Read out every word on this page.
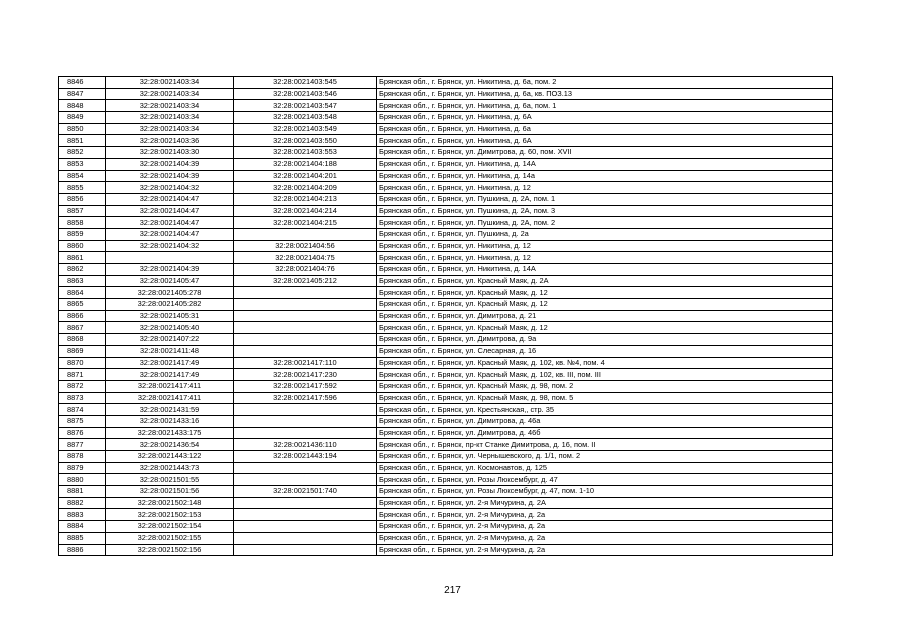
8846	32:28:0021403:34	32:28:0021403:545	Брянская обл., г. Брянск, ул. Никитина, д. 6а, пом. 2
8847	32:28:0021403:34	32:28:0021403:546	Брянская обл., г. Брянск, ул. Никитина, д. 6а, кв. ПОЗ.13
8848	32:28:0021403:34	32:28:0021403:547	Брянская обл., г. Брянск, ул. Никитина, д. 6а, пом. 1
8849	32:28:0021403:34	32:28:0021403:548	Брянская обл., г. Брянск, ул. Никитина, д. 6А
8850	32:28:0021403:34	32:28:0021403:549	Брянская обл., г. Брянск, ул. Никитина, д. 6а
8851	32:28:0021403:36	32:28:0021403:550	Брянская обл., г. Брянск, ул. Никитина, д. 6А
8852	32:28:0021403:30	32:28:0021403:553	Брянская обл., г. Брянск, ул. Димитрова, д. 60, пом. XVII
8853	32:28:0021404:39	32:28:0021404:188	Брянская обл., г. Брянск, ул. Никитина, д. 14А
8854	32:28:0021404:39	32:28:0021404:201	Брянская обл., г. Брянск, ул. Никитина, д. 14а
8855	32:28:0021404:32	32:28:0021404:209	Брянская обл., г. Брянск, ул. Никитина, д. 12
8856	32:28:0021404:47	32:28:0021404:213	Брянская обл., г. Брянск, ул. Пушкина, д. 2А, пом. 1
8857	32:28:0021404:47	32:28:0021404:214	Брянская обл., г. Брянск, ул. Пушкина, д. 2А, пом. 3
8858	32:28:0021404:47	32:28:0021404:215	Брянская обл., г. Брянск, ул. Пушкина, д. 2А, пом. 2
8859	32:28:0021404:47		Брянская обл., г. Брянск, ул. Пушкина, д. 2а
8860	32:28:0021404:32	32:28:0021404:56	Брянская обл., г. Брянск, ул. Никитина, д. 12
8861		32:28:0021404:75	Брянская обл., г. Брянск, ул. Никитина, д. 12
8862	32:28:0021404:39	32:28:0021404:76	Брянская обл., г. Брянск, ул. Никитина, д. 14А
8863	32:28:0021405:47	32:28:0021405:212	Брянская обл., г. Брянск, ул. Красный Маяк, д. 2А
8864	32:28:0021405:278		Брянская обл., г. Брянск, ул. Красный Маяк, д. 12
8865	32:28:0021405:282		Брянская обл., г. Брянск, ул. Красный Маяк, д. 12
8866	32:28:0021405:31		Брянская обл., г. Брянск, ул. Димитрова, д. 21
8867	32:28:0021405:40		Брянская обл., г. Брянск, ул. Красный Маяк, д. 12
8868	32:28:0021407:22		Брянская обл., г. Брянск, ул. Димитрова, д. 9а
8869	32:28:0021411:48		Брянская обл., г. Брянск, ул. Слесарная, д. 16
8870	32:28:0021417:49	32:28:0021417:110	Брянская обл., г. Брянск, ул. Красный Маяк, д. 102, кв. №4, пом. 4
8871	32:28:0021417:49	32:28:0021417:230	Брянская обл., г. Брянск, ул. Красный Маяк, д. 102, кв. III, пом. III
8872	32:28:0021417:411	32:28:0021417:592	Брянская обл., г. Брянск, ул. Красный Маяк, д. 98, пом. 2
8873	32:28:0021417:411	32:28:0021417:596	Брянская обл., г. Брянск, ул. Красный Маяк, д. 98, пом. 5
8874	32:28:0021431:59		Брянская обл., г. Брянск, ул. Крестьянская,, стр. 35
8875	32:28:0021433:16		Брянская обл., г. Брянск, ул. Димитрова, д. 46а
8876	32:28:0021433:175		Брянская обл., г. Брянск, ул. Димитрова, д. 46б
8877	32:28:0021436:54	32:28:0021436:110	Брянская обл., г. Брянск, пр-кт Станке Димитрова, д. 16, пом. II
8878	32:28:0021443:122	32:28:0021443:194	Брянская обл., г. Брянск, ул. Чернышевского, д. 1/1, пом. 2
8879	32:28:0021443:73		Брянская обл., г. Брянск, ул. Космонавтов, д. 125
8880	32:28:0021501:55		Брянская обл., г. Брянск, ул. Розы Люксембург, д. 47
8881	32:28:0021501:56	32:28:0021501:740	Брянская обл., г. Брянск, ул. Розы Люксембург, д. 47, пом. 1-10
8882	32:28:0021502:148		Брянская обл., г. Брянск, ул. 2-я Мичурина, д. 2А
8883	32:28:0021502:153		Брянская обл., г. Брянск, ул. 2-я Мичурина, д. 2а
8884	32:28:0021502:154		Брянская обл., г. Брянск, ул. 2-я Мичурина, д. 2а
8885	32:28:0021502:155		Брянская обл., г. Брянск, ул. 2-я Мичурина, д. 2а
8886	32:28:0021502:156		Брянская обл., г. Брянск, ул. 2-я Мичурина, д. 2а
217
